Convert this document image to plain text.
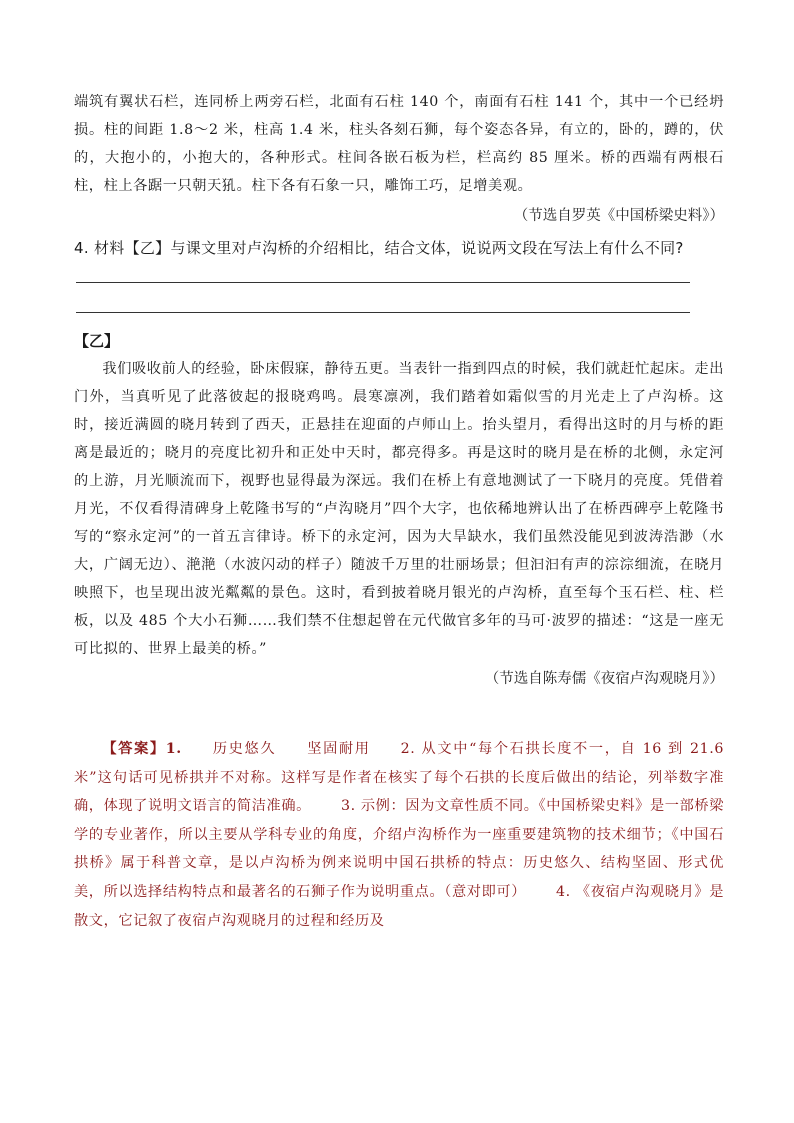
端筑有翼状石栏，连同桥上两旁石栏，北面有石柱 140 个，南面有石柱 141 个，其中一个已经坍损。柱的间距 1.8～2 米，柱高 1.4 米，柱头各刻石狮，每个姿态各异，有立的，卧的，蹲的，伏的，大抱小的，小抱大的，各种形式。柱间各嵌石板为栏，栏高约 85 厘米。桥的西端有两根石柱，柱上各踞一只朝天犼。柱下各有石象一只，雕饰工巧，足增美观。

（节选自罗英《中国桥梁史料》）

4. 材料【乙】与课文里对卢沟桥的介绍相比，结合文体，说说两文段在写法上有什么不同?

【乙】

我们吸收前人的经验，卧床假寐，静待五更。当表针一指到四点的时候，我们就赶忙起床。走出门外，当真听见了此落彼起的报晓鸡鸣。晨寒凛冽，我们踏着如霜似雪的月光走上了卢沟桥。这时，接近满圆的晓月转到了西天，正悬挂在迎面的卢师山上。抬头望月，看得出这时的月与桥的距离是最近的；晓月的亮度比初升和正处中天时，都亮得多。再是这时的晓月是在桥的北侧，永定河的上游，月光顺流而下，视野也显得最为深远。我们在桥上有意地测试了一下晓月的亮度。凭借着月光，不仅看得清碑身上乾隆书写的“卢沟晓月”四个大字，也依稀地辨认出了在桥西碑亭上乾隆书写的“察永定河”的一首五言律诗。桥下的永定河，因为大旱缺水，我们虽然没能见到波涛浩渺（水大，广阔无边）、滟滟（水波闪动的样子）随波千万里的壮丽场景；但汩汩有声的淙淙细流，在晓月映照下，也呈现出波光粼粼的景色。这时，看到披着晓月银光的卢沟桥，直至每个玉石栏、柱、栏板，以及 485 个大小石狮……我们禁不住想起曾在元代做官多年的马可·波罗的描述：“这是一座无可比拟的、世界上最美的桥。”

（节选自陈寿儒《夜宿卢沟观晓月》）

【答案】1. 历史悠久 坚固耐用 2. 从文中“每个石拱长度不一，自 16 到 21.6 米”这句话可见桥拱并不对称。这样写是作者在核实了每个石拱的长度后做出的结论，列举数字准确，体现了说明文语言的简洁准确。 3. 示例：因为文章性质不同。《中国桥梁史料》是一部桥梁学的专业著作，所以主要从学科专业的角度，介绍卢沟桥作为一座重要建筑物的技术细节；《中国石拱桥》属于科普文章，是以卢沟桥为例来说明中国石拱桥的特点：历史悠久、结构坚固、形式优美，所以选择结构特点和最著名的石狮子作为说明重点。（意对即可） 4. 《夜宿卢沟观晓月》是散文，它记叙了夜宿卢沟观晓月的过程和经历及
